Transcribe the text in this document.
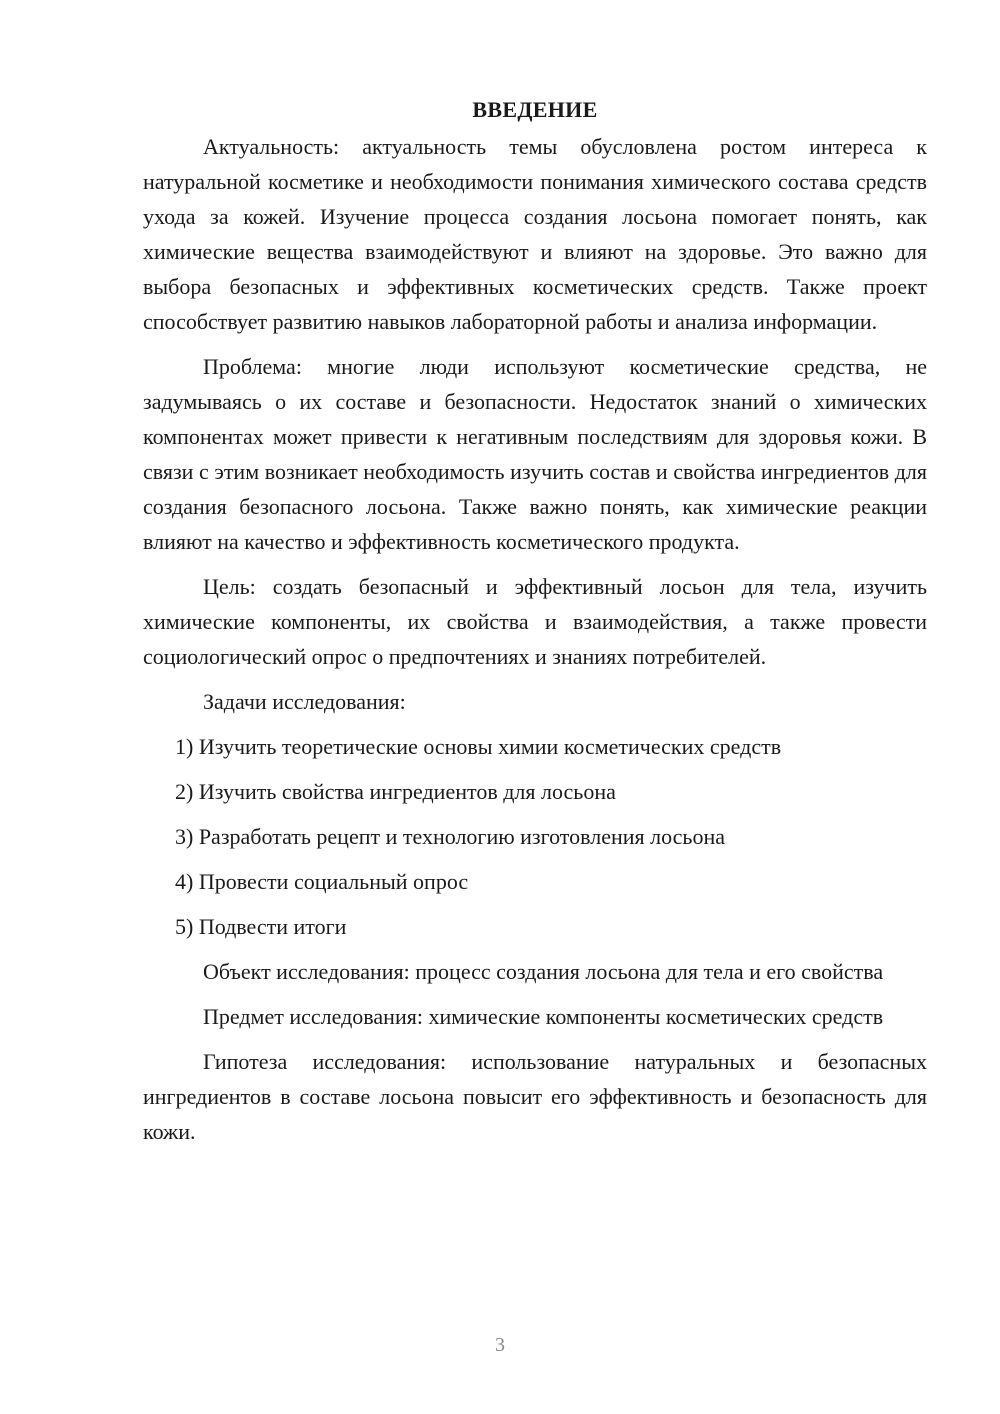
ВВЕДЕНИЕ

Актуальность: актуальность темы обусловлена ростом интереса к натуральной косметике и необходимости понимания химического состава средств ухода за кожей. Изучение процесса создания лосьона помогает понять, как химические вещества взаимодействуют и влияют на здоровье. Это важно для выбора безопасных и эффективных косметических средств. Также проект способствует развитию навыков лабораторной работы и анализа информации.

Проблема: многие люди используют косметические средства, не задумываясь о их составе и безопасности. Недостаток знаний о химических компонентах может привести к негативным последствиям для здоровья кожи. В связи с этим возникает необходимость изучить состав и свойства ингредиентов для создания безопасного лосьона. Также важно понять, как химические реакции влияют на качество и эффективность косметического продукта.

Цель: создать безопасный и эффективный лосьон для тела, изучить химические компоненты, их свойства и взаимодействия, а также провести социологический опрос о предпочтениях и знаниях потребителей.

Задачи исследования:

1) Изучить теоретические основы химии косметических средств
2) Изучить свойства ингредиентов для лосьона
3) Разработать рецепт и технологию изготовления лосьона
4) Провести социальный опрос
5) Подвести итоги

Объект исследования: процесс создания лосьона для тела и его свойства

Предмет исследования: химические компоненты косметических средств

Гипотеза исследования: использование натуральных и безопасных ингредиентов в составе лосьона повысит его эффективность и безопасность для кожи.

3
